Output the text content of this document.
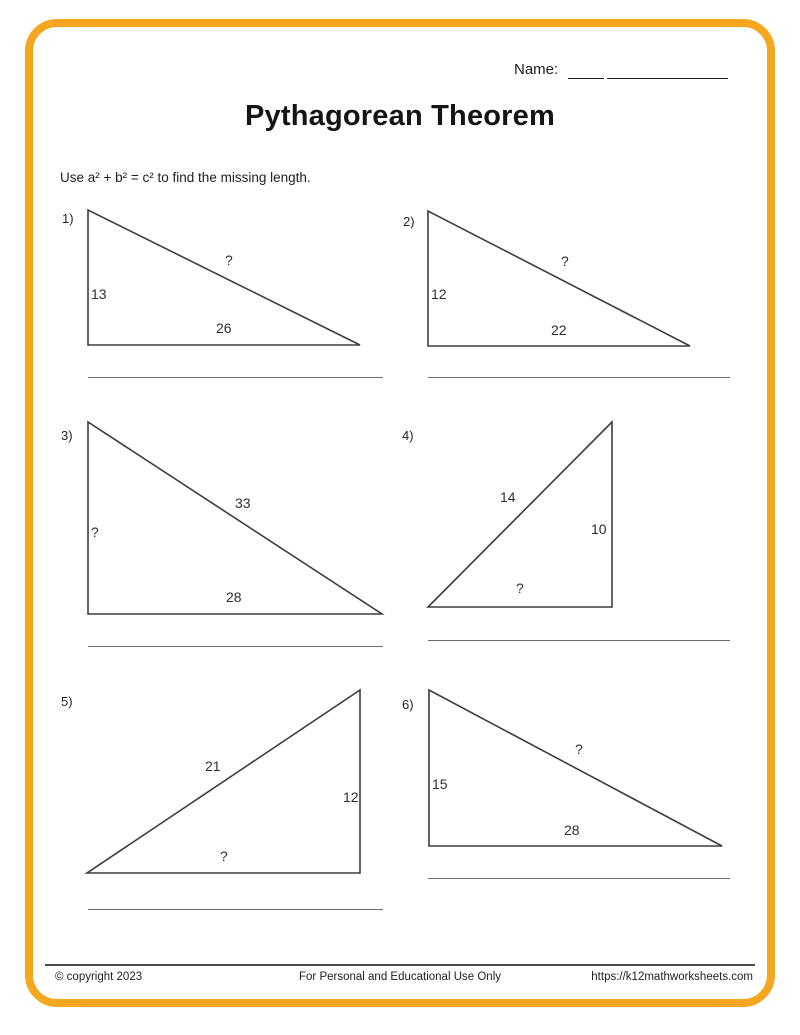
Name:
Pythagorean Theorem

Use a² + b² = c² to find the missing length.

1)
13
26
?
2)
12
22
?
3)
?
28
33
4)
10
?
14
5)
12
?
21
6)
15
28
?
© copyright 2023	For Personal and Educational Use Only	https://k12mathworksheets.com
